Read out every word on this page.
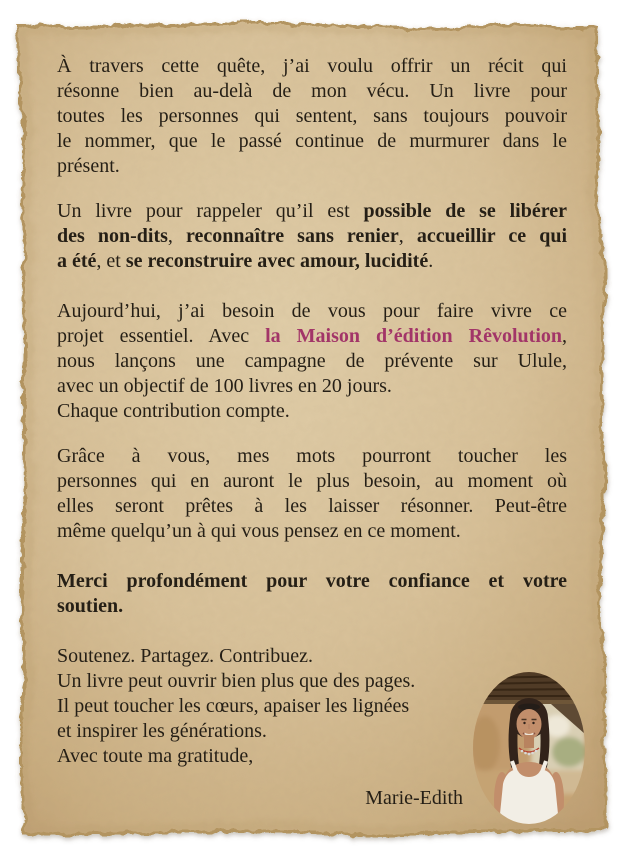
À travers cette quête, j’ai voulu offrir un récit qui
résonne bien au-delà de mon vécu. Un livre pour
toutes les personnes qui sentent, sans toujours pouvoir
le nommer, que le passé continue de murmurer dans le
présent.
Un livre pour rappeler qu’il est possible de se libérer
des non-dits, reconnaître sans renier, accueillir ce qui
a été, et se reconstruire avec amour, lucidité.
Aujourd’hui, j’ai besoin de vous pour faire vivre ce
projet essentiel. Avec la Maison d’édition Rêvolution,
nous lançons une campagne de prévente sur Ulule,
avec un objectif de 100 livres en 20 jours.
Chaque contribution compte.
Grâce à vous, mes mots pourront toucher les
personnes qui en auront le plus besoin, au moment où
elles seront prêtes à les laisser résonner. Peut-être
même quelqu’un à qui vous pensez en ce moment.
Merci profondément pour votre confiance et votre
soutien.
Soutenez. Partagez. Contribuez.
Un livre peut ouvrir bien plus que des pages.
Il peut toucher les cœurs, apaiser les lignées
et inspirer les générations.
Avec toute ma gratitude,
Marie-Edith
